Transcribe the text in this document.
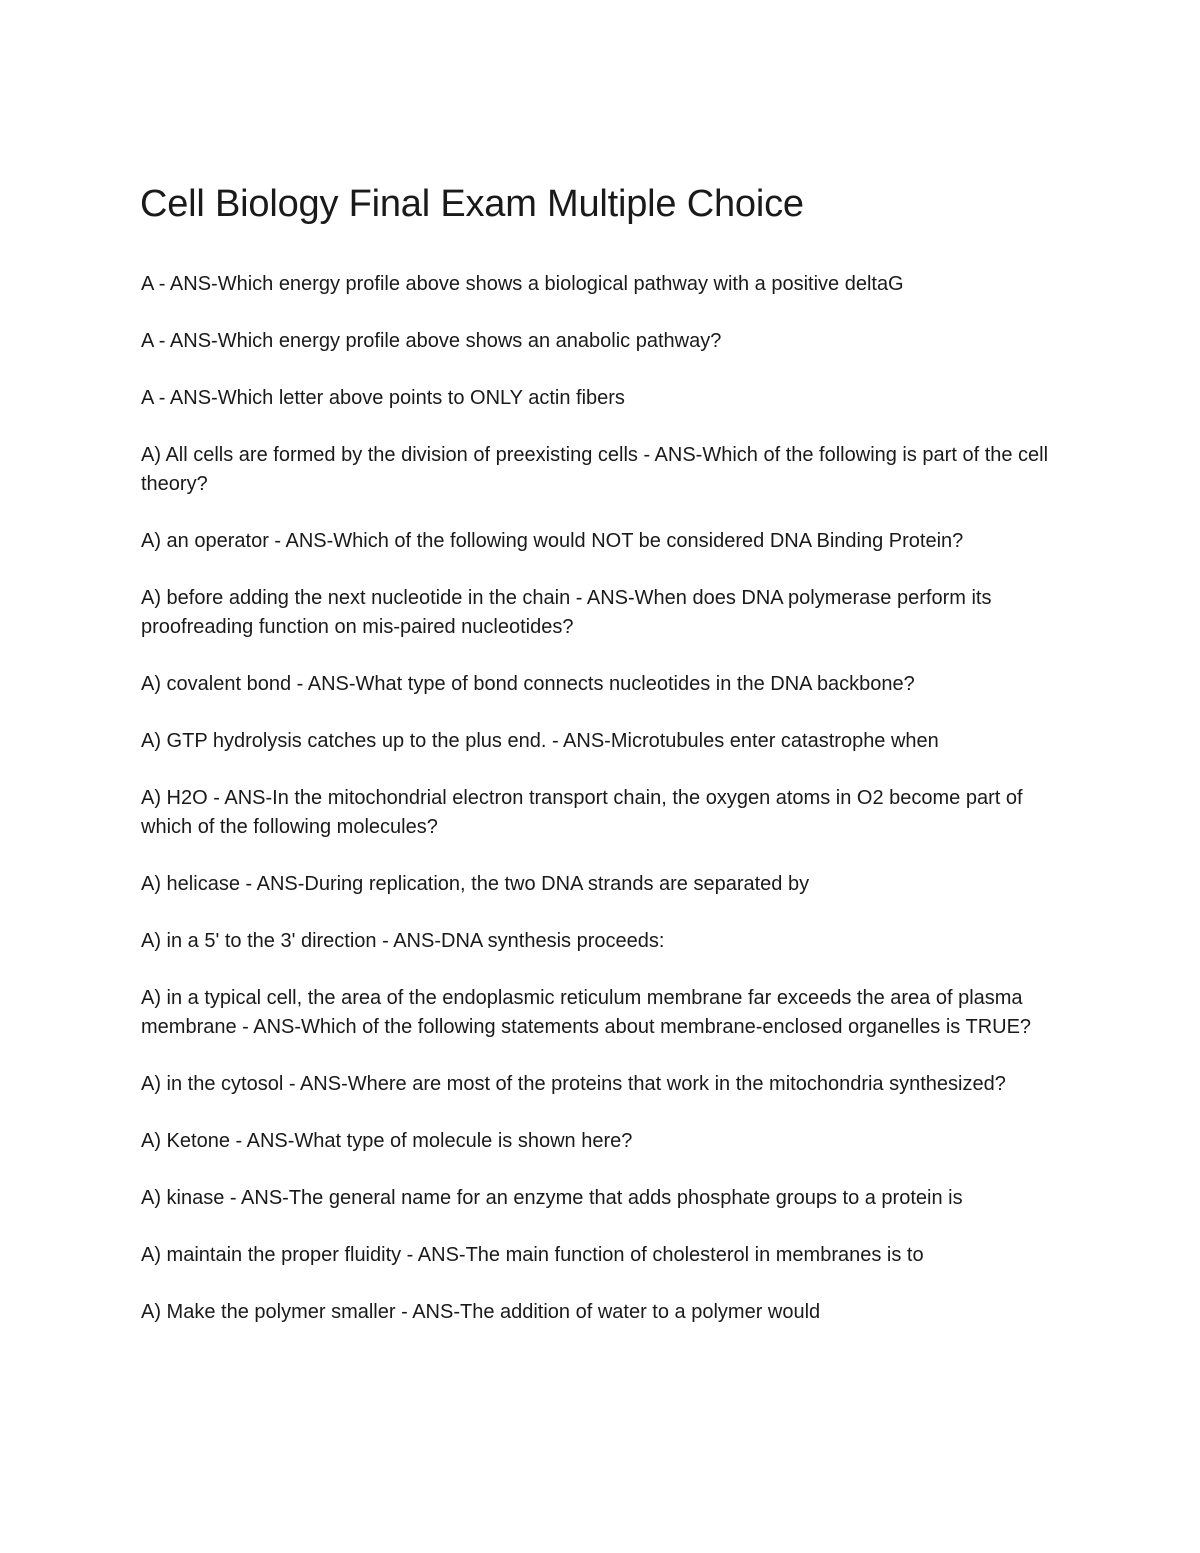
Cell Biology Final Exam Multiple Choice
A - ANS-Which energy profile above shows a biological pathway with a positive deltaG
A - ANS-Which energy profile above shows an anabolic pathway?
A - ANS-Which letter above points to ONLY actin fibers
A) All cells are formed by the division of preexisting cells - ANS-Which of the following is part of the cell theory?
A) an operator - ANS-Which of the following would NOT be considered DNA Binding Protein?
A) before adding the next nucleotide in the chain - ANS-When does DNA polymerase perform its proofreading function on mis-paired nucleotides?
A) covalent bond - ANS-What type of bond connects nucleotides in the DNA backbone?
A) GTP hydrolysis catches up to the plus end. - ANS-Microtubules enter catastrophe when
A) H2O - ANS-In the mitochondrial electron transport chain, the oxygen atoms in O2 become part of which of the following molecules?
A) helicase - ANS-During replication, the two DNA strands are separated by
A) in a 5' to the 3' direction - ANS-DNA synthesis proceeds:
A) in a typical cell, the area of the endoplasmic reticulum membrane far exceeds the area of plasma membrane - ANS-Which of the following statements about membrane-enclosed organelles is TRUE?
A) in the cytosol - ANS-Where are most of the proteins that work in the mitochondria synthesized?
A) Ketone - ANS-What type of molecule is shown here?
A) kinase - ANS-The general name for an enzyme that adds phosphate groups to a protein is
A) maintain the proper fluidity - ANS-The main function of cholesterol in membranes is to
A) Make the polymer smaller - ANS-The addition of water to a polymer would
